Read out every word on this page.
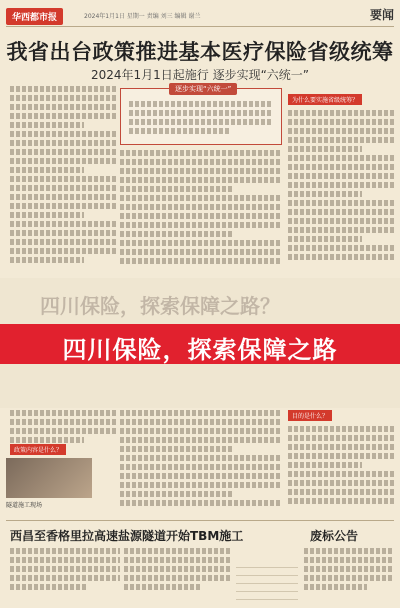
华西都市报	2024年1月1日 星期一 责编 刘三 编辑 谢兰	要闻
我省出台政策推进基本医疗保险省级统筹
2024年1月1日起施行 逐步实现“六统一”
逐步实现“六统一”
为什么要实施省级统筹？
政策内容是什么？
目的是什么？
隧道施工现场
四川保险，探索保障之路？
四川保险，探索保障之路
西昌至香格里拉高速盐源隧道开始TBM施工	废标公告
